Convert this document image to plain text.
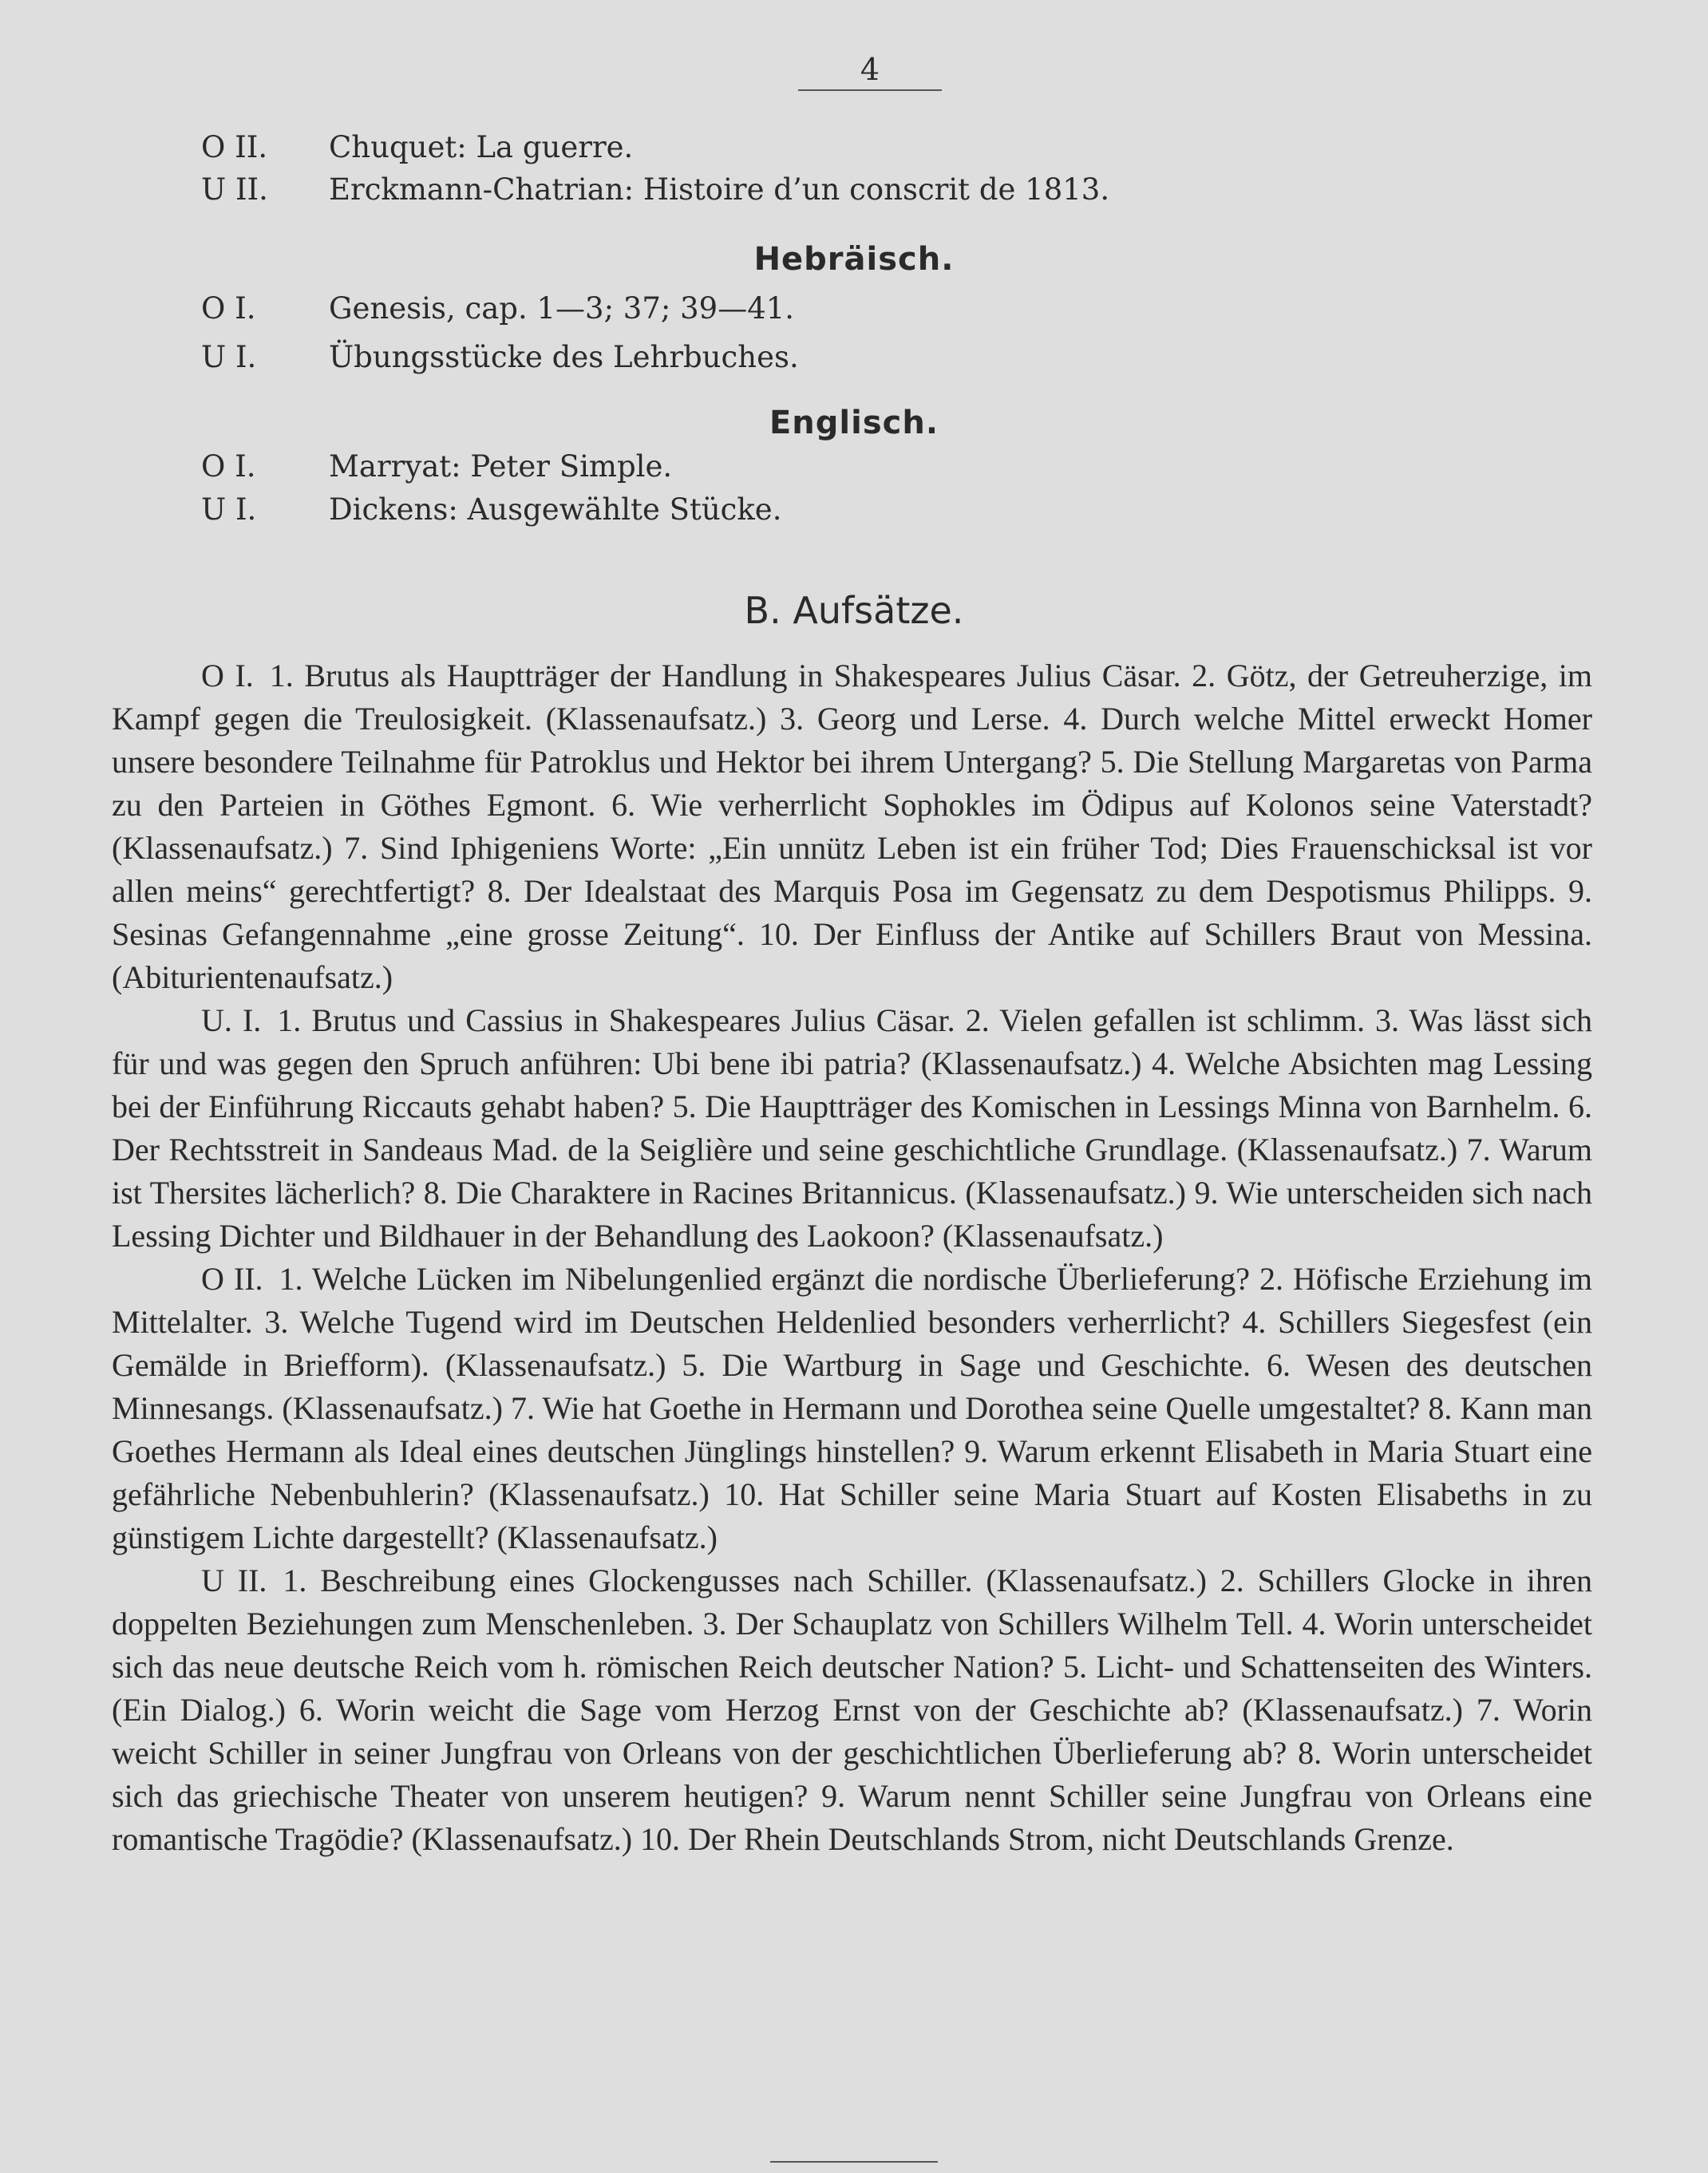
4
O II. Chuquet: La guerre.
U II. Erckmann-Chatrian: Histoire d’un conscrit de 1813.
Hebräisch.
O I. Genesis, cap. 1—3; 37; 39—41.
U I. Übungsstücke des Lehrbuches.
Englisch.
O I. Marryat: Peter Simple.
U I. Dickens: Ausgewählte Stücke.
B. Aufsätze.

O I. 1. Brutus als Hauptträger der Handlung in Shakespeares Julius Cäsar. 2. Götz, der Getreuherzige, im Kampf gegen die Treulosigkeit. (Klassenaufsatz.) 3. Georg und Lerse. 4. Durch welche Mittel erweckt Homer unsere besondere Teilnahme für Patroklus und Hektor bei ihrem Untergang? 5. Die Stellung Margaretas von Parma zu den Parteien in Göthes Egmont. 6. Wie verherrlicht Sophokles im Ödipus auf Kolonos seine Vaterstadt? (Klassenaufsatz.) 7. Sind Iphigeniens Worte: „Ein unnütz Leben ist ein früher Tod; Dies Frauenschicksal ist vor allen meins“ gerechtfertigt? 8. Der Idealstaat des Marquis Posa im Gegensatz zu dem Despotismus Philipps. 9. Sesinas Gefangennahme „eine grosse Zeitung“. 10. Der Einfluss der Antike auf Schillers Braut von Messina. (Abiturientenaufsatz.)

U. I. 1. Brutus und Cassius in Shakespeares Julius Cäsar. 2. Vielen gefallen ist schlimm. 3. Was lässt sich für und was gegen den Spruch anführen: Ubi bene ibi patria? (Klassenaufsatz.) 4. Welche Absichten mag Lessing bei der Einführung Riccauts gehabt haben? 5. Die Hauptträger des Komischen in Lessings Minna von Barnhelm. 6. Der Rechtsstreit in Sandeaus Mad. de la Seiglière und seine geschichtliche Grundlage. (Klassenaufsatz.) 7. Warum ist Thersites lächerlich? 8. Die Charaktere in Racines Britannicus. (Klassenaufsatz.) 9. Wie unterscheiden sich nach Lessing Dichter und Bildhauer in der Behandlung des Laokoon? (Klassenaufsatz.)

O II. 1. Welche Lücken im Nibelungenlied ergänzt die nordische Überlieferung? 2. Höfische Erziehung im Mittelalter. 3. Welche Tugend wird im Deutschen Heldenlied besonders verherrlicht? 4. Schillers Siegesfest (ein Gemälde in Briefform). (Klassenaufsatz.) 5. Die Wartburg in Sage und Geschichte. 6. Wesen des deutschen Minnesangs. (Klassenaufsatz.) 7. Wie hat Goethe in Hermann und Dorothea seine Quelle umgestaltet? 8. Kann man Goethes Hermann als Ideal eines deutschen Jünglings hinstellen? 9. Warum erkennt Elisabeth in Maria Stuart eine gefährliche Nebenbuhlerin? (Klassenaufsatz.) 10. Hat Schiller seine Maria Stuart auf Kosten Elisabeths in zu günstigem Lichte dargestellt? (Klassenaufsatz.)

U II. 1. Beschreibung eines Glockengusses nach Schiller. (Klassenaufsatz.) 2. Schillers Glocke in ihren doppelten Beziehungen zum Menschenleben. 3. Der Schauplatz von Schillers Wilhelm Tell. 4. Worin unterscheidet sich das neue deutsche Reich vom h. römischen Reich deutscher Nation? 5. Licht- und Schattenseiten des Winters. (Ein Dialog.) 6. Worin weicht die Sage vom Herzog Ernst von der Geschichte ab? (Klassenaufsatz.) 7. Worin weicht Schiller in seiner Jungfrau von Orleans von der geschichtlichen Überlieferung ab? 8. Worin unterscheidet sich das griechische Theater von unserem heutigen? 9. Warum nennt Schiller seine Jungfrau von Orleans eine romantische Tragödie? (Klassenaufsatz.) 10. Der Rhein Deutschlands Strom, nicht Deutschlands Grenze.
